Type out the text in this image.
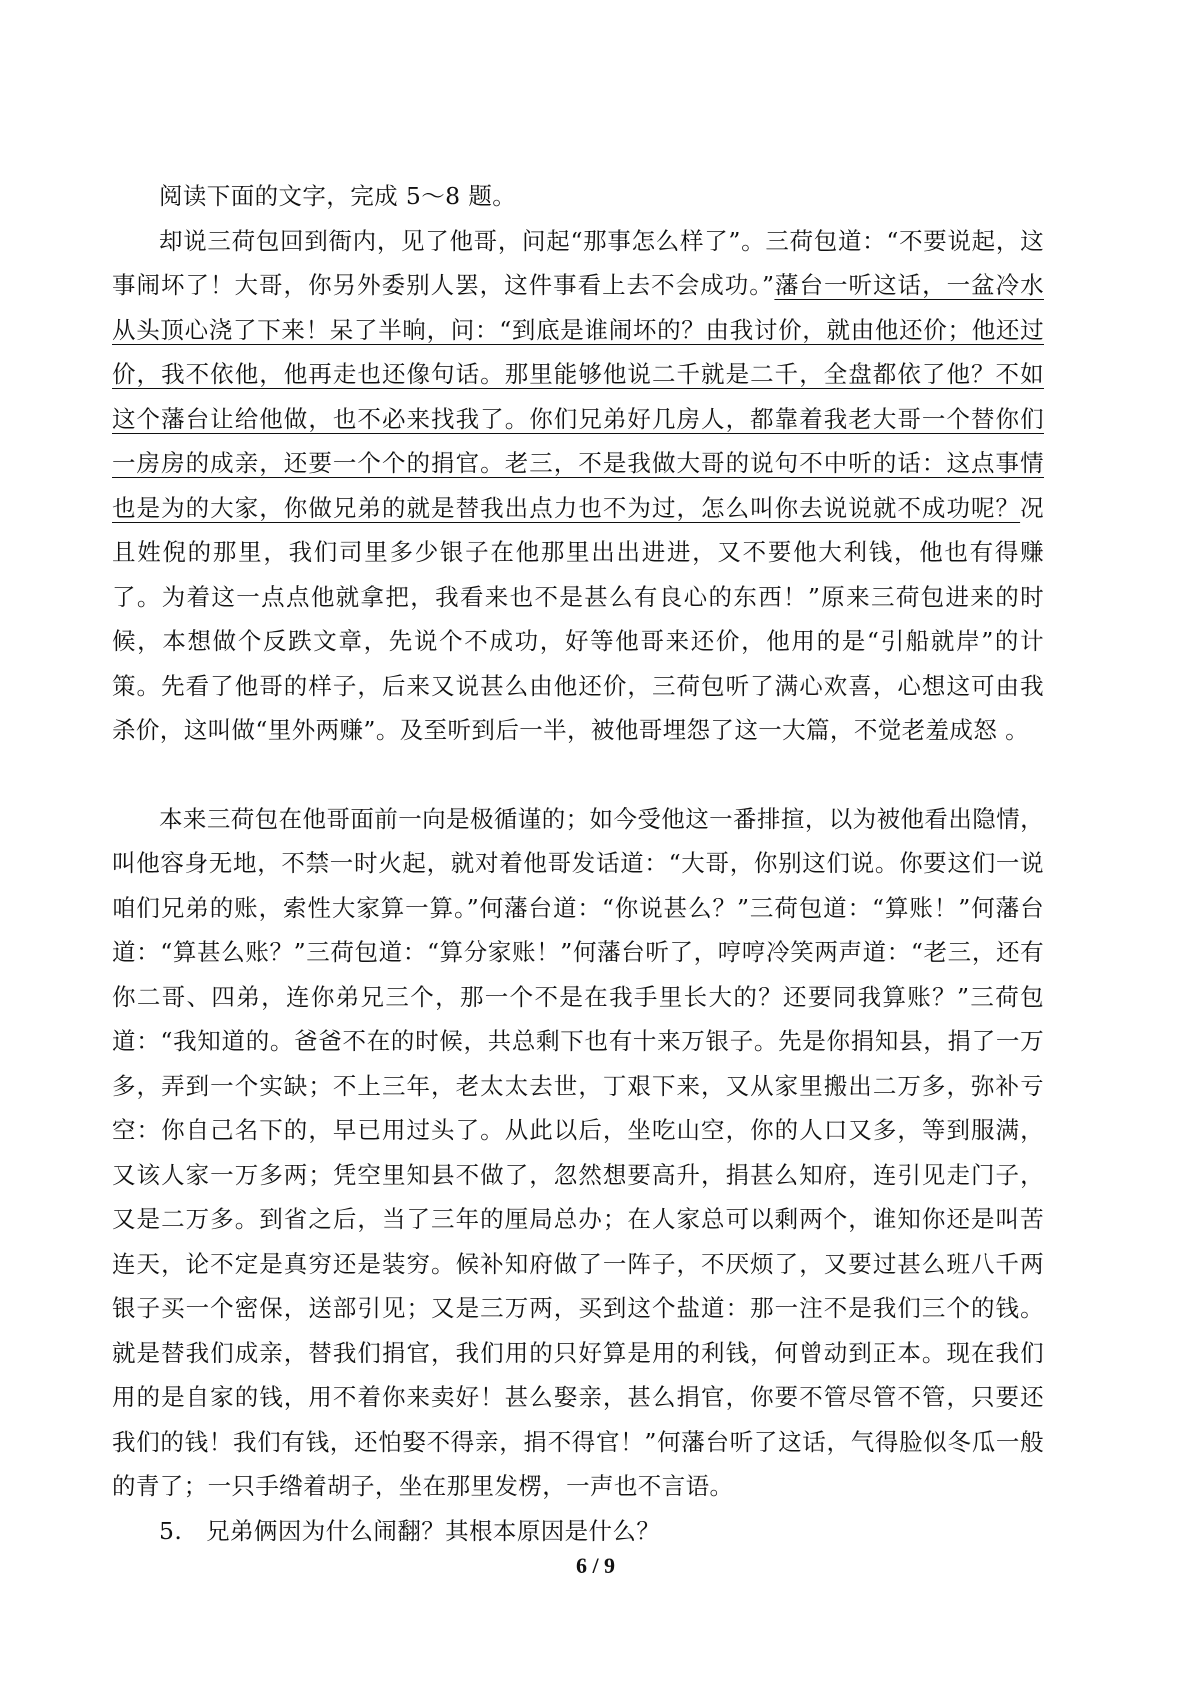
阅读下面的文字，完成 5～8 题。

却说三荷包回到衙内，见了他哥，问起“那事怎么样了”。三荷包道：“不要说起，这事闹坏了！大哥，你另外委别人罢，这件事看上去不会成功。”藩台一听这话，一盆冷水从头顶心浇了下来！呆了半晌，问：“到底是谁闹坏的？由我讨价，就由他还价；他还过价，我不依他，他再走也还像句话。那里能够他说二千就是二千，全盘都依了他？不如这个藩台让给他做，也不必来找我了。你们兄弟好几房人，都靠着我老大哥一个替你们一房房的成亲，还要一个个的捐官。老三，不是我做大哥的说句不中听的话：这点事情也是为的大家，你做兄弟的就是替我出点力也不为过，怎么叫你去说说就不成功呢？况且姓倪的那里，我们司里多少银子在他那里出出进进，又不要他大利钱，他也有得赚了。为着这一点点他就拿把，我看来也不是甚么有良心的东西！”原来三荷包进来的时候，本想做个反跌文章，先说个不成功，好等他哥来还价，他用的是“引船就岸”的计策。先看了他哥的样子，后来又说甚么由他还价，三荷包听了满心欢喜，心想这可由我杀价，这叫做“里外两赚”。及至听到后一半，被他哥埋怨了这一大篇，不觉老羞成怒 。

本来三荷包在他哥面前一向是极循谨的；如今受他这一番排揎，以为被他看出隐情，叫他容身无地，不禁一时火起，就对着他哥发话道：“大哥，你别这们说。你要这们一说咱们兄弟的账，索性大家算一算。”何藩台道：“你说甚么？”三荷包道：“算账！”何藩台道：“算甚么账？”三荷包道：“算分家账！”何藩台听了，哼哼冷笑两声道：“老三，还有你二哥、四弟，连你弟兄三个，那一个不是在我手里长大的？还要同我算账？”三荷包道：“我知道的。爸爸不在的时候，共总剩下也有十来万银子。先是你捐知县，捐了一万多，弄到一个实缺；不上三年，老太太去世，丁艰下来，又从家里搬出二万多，弥补亏空：你自己名下的，早已用过头了。从此以后，坐吃山空，你的人口又多，等到服满，又该人家一万多两；凭空里知县不做了，忽然想要高升，捐甚么知府，连引见走门子，又是二万多。到省之后，当了三年的厘局总办；在人家总可以剩两个，谁知你还是叫苦连天，论不定是真穷还是装穷。候补知府做了一阵子，不厌烦了，又要过甚么班八千两银子买一个密保，送部引见；又是三万两，买到这个盐道：那一注不是我们三个的钱。就是替我们成亲，替我们捐官，我们用的只好算是用的利钱，何曾动到正本。现在我们用的是自家的钱，用不着你来卖好！甚么娶亲，甚么捐官，你要不管尽管不管，只要还我们的钱！我们有钱，还怕娶不得亲，捐不得官！”何藩台听了这话，气得脸似冬瓜一般的青了；一只手绺着胡子，坐在那里发楞，一声也不言语。

5.　兄弟俩因为什么闹翻？其根本原因是什么？

6 / 9
